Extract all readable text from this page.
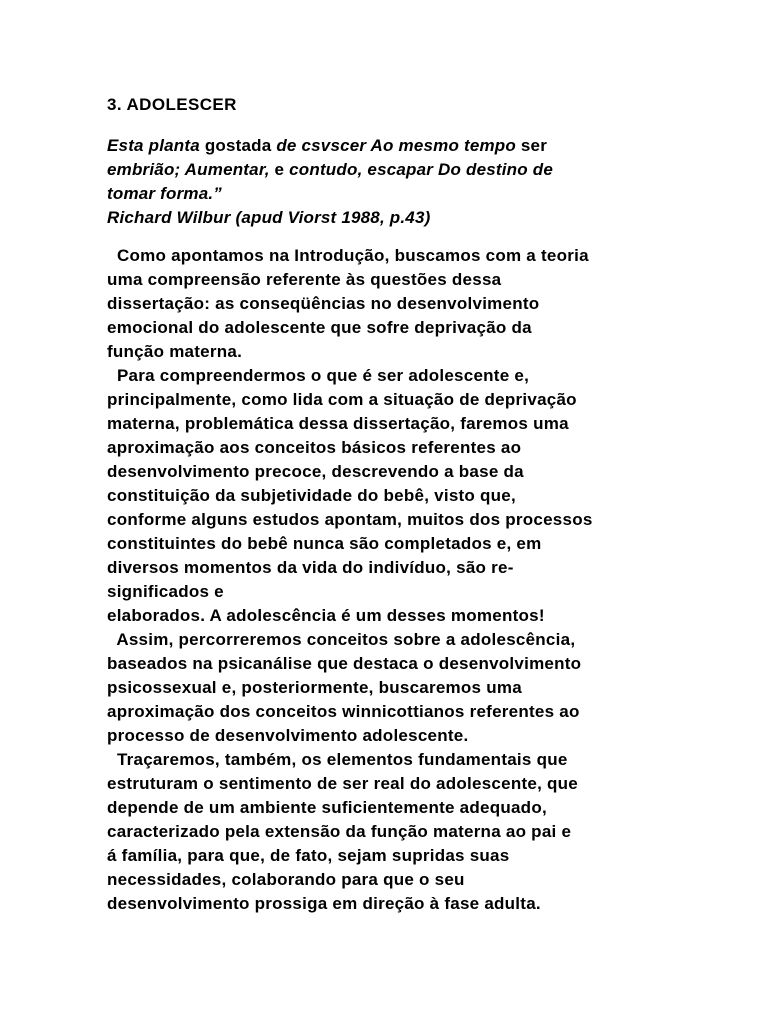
3. ADOLESCER
Esta planta gostada de csvscer Ao mesmo tempo ser
embrião; Aumentar, e contudo, escapar Do destino de
tomar forma.”
Richard Wilbur (apud Viorst 1988, p.43)
Como apontamos na Introdução, buscamos com a teoria
uma compreensão referente às questões dessa
dissertação: as conseqüências no desenvolvimento
emocional do adolescente que sofre deprivação da
função materna.
Para compreendermos o que é ser adolescente e,
principalmente, como lida com a situação de deprivação
materna, problemática dessa dissertação, faremos uma
aproximação aos conceitos básicos referentes ao
desenvolvimento precoce, descrevendo a base da
constituição da subjetividade do bebê, visto que,
conforme alguns estudos apontam, muitos dos processos
constituintes do bebê nunca são completados e, em
diversos momentos da vida do indivíduo, são re-
significados e
elaborados. A adolescência é um desses momentos!
Assim, percorreremos conceitos sobre a adolescência,
baseados na psicanálise que destaca o desenvolvimento
psicossexual e, posteriormente, buscaremos uma
aproximação dos conceitos winnicottianos referentes ao
processo de desenvolvimento adolescente.
Traçaremos, também, os elementos fundamentais que
estruturam o sentimento de ser real do adolescente, que
depende de um ambiente suficientemente adequado,
caracterizado pela extensão da função materna ao pai e
á família, para que, de fato, sejam supridas suas
necessidades, colaborando para que o seu
desenvolvimento prossiga em direção à fase adulta.
